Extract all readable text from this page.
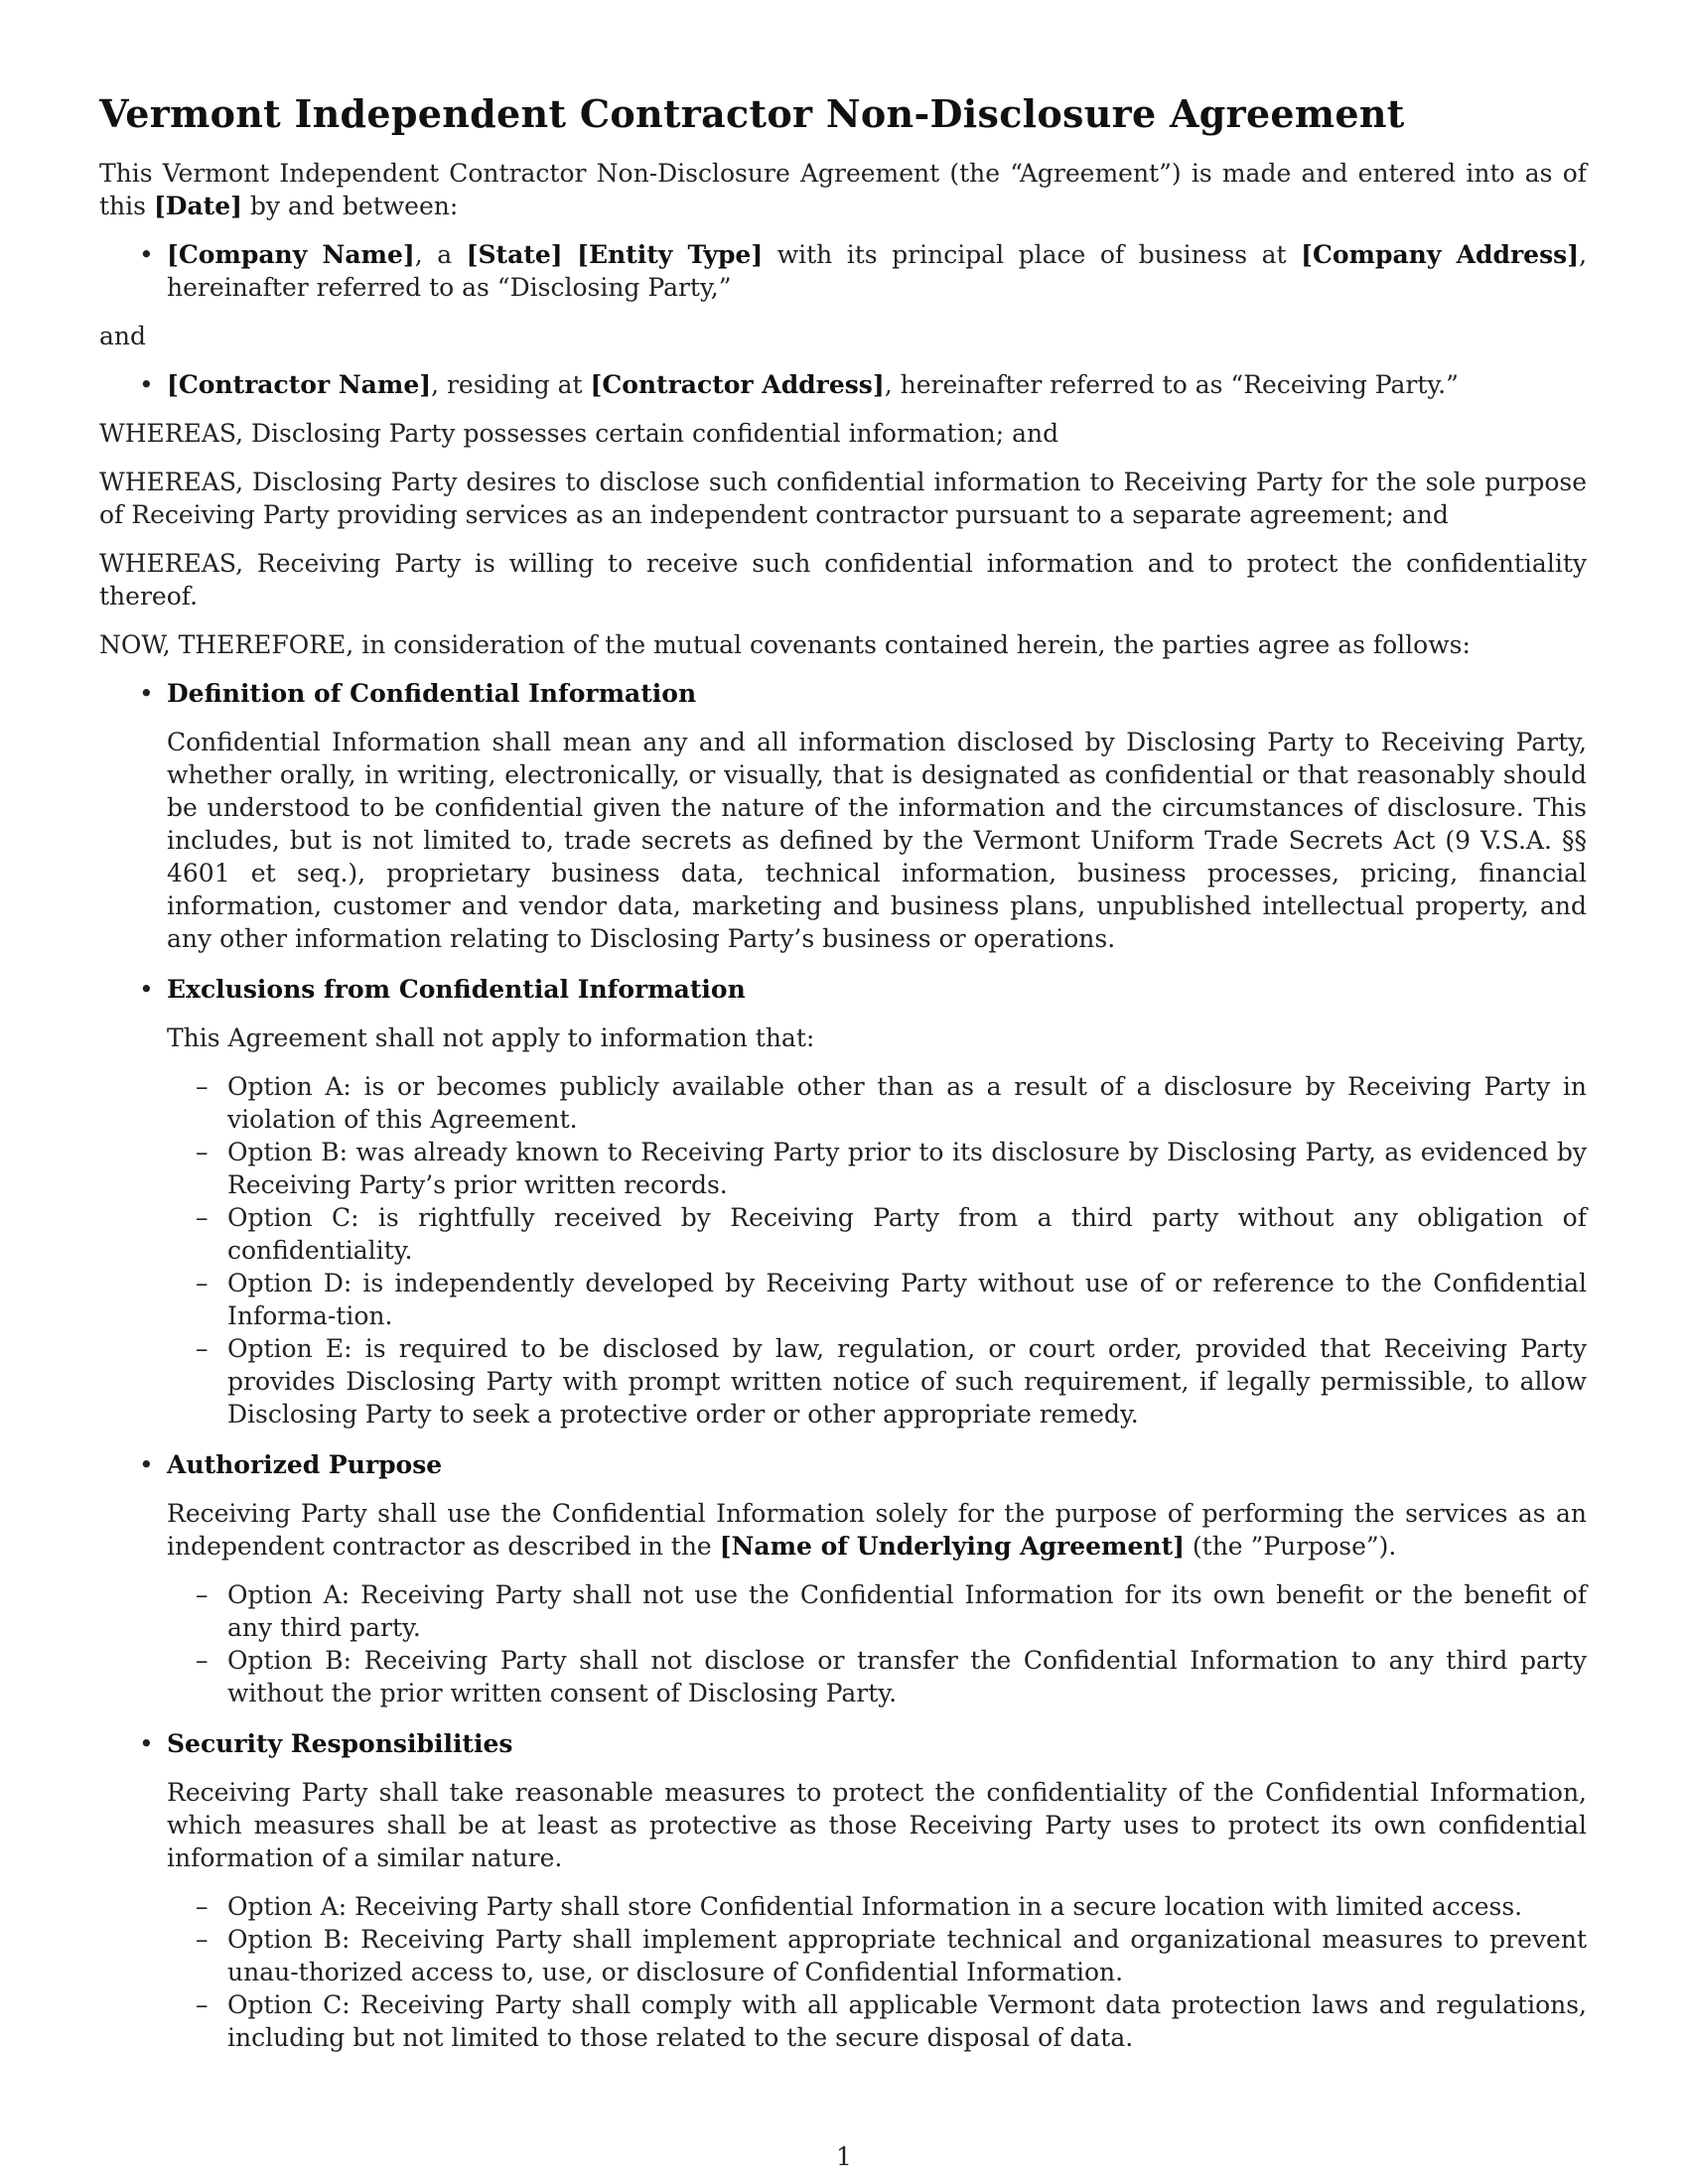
Vermont Independent Contractor Non-Disclosure Agreement

This Vermont Independent Contractor Non-Disclosure Agreement (the “Agreement”) is made and entered into as of this [Date] by and between:

• [Company Name], a [State] [Entity Type] with its principal place of business at [Company Address], hereinafter referred to as “Disclosing Party,”

and

• [Contractor Name], residing at [Contractor Address], hereinafter referred to as “Receiving Party.”

WHEREAS, Disclosing Party possesses certain confidential information; and

WHEREAS, Disclosing Party desires to disclose such confidential information to Receiving Party for the sole purpose of Receiving Party providing services as an independent contractor pursuant to a separate agreement; and

WHEREAS, Receiving Party is willing to receive such confidential information and to protect the confidentiality thereof.

NOW, THEREFORE, in consideration of the mutual covenants contained herein, the parties agree as follows:

• Definition of Confidential Information
Confidential Information shall mean any and all information disclosed by Disclosing Party to Receiving Party, whether orally, in writing, electronically, or visually, that is designated as confidential or that reasonably should be understood to be confidential given the nature of the information and the circumstances of disclosure. This includes, but is not limited to, trade secrets as defined by the Vermont Uniform Trade Secrets Act (9 V.S.A. §§ 4601 et seq.), proprietary business data, technical information, business processes, pricing, financial information, customer and vendor data, marketing and business plans, unpublished intellectual property, and any other information relating to Disclosing Party’s business or operations.
• Exclusions from Confidential Information
This Agreement shall not apply to information that:
– Option A: is or becomes publicly available other than as a result of a disclosure by Receiving Party in violation of this Agreement.
– Option B: was already known to Receiving Party prior to its disclosure by Disclosing Party, as evidenced by Receiving Party’s prior written records.
– Option C: is rightfully received by Receiving Party from a third party without any obligation of confidentiality.
– Option D: is independently developed by Receiving Party without use of or reference to the Confidential Informa-tion.
– Option E: is required to be disclosed by law, regulation, or court order, provided that Receiving Party provides Disclosing Party with prompt written notice of such requirement, if legally permissible, to allow Disclosing Party to seek a protective order or other appropriate remedy.
• Authorized Purpose
Receiving Party shall use the Confidential Information solely for the purpose of performing the services as an independent contractor as described in the [Name of Underlying Agreement] (the ”Purpose”).
– Option A: Receiving Party shall not use the Confidential Information for its own benefit or the benefit of any third party.
– Option B: Receiving Party shall not disclose or transfer the Confidential Information to any third party without the prior written consent of Disclosing Party.
• Security Responsibilities
Receiving Party shall take reasonable measures to protect the confidentiality of the Confidential Information, which measures shall be at least as protective as those Receiving Party uses to protect its own confidential information of a similar nature.
– Option A: Receiving Party shall store Confidential Information in a secure location with limited access.
– Option B: Receiving Party shall implement appropriate technical and organizational measures to prevent unau-thorized access to, use, or disclosure of Confidential Information.
– Option C: Receiving Party shall comply with all applicable Vermont data protection laws and regulations, including but not limited to those related to the secure disposal of data.
1
